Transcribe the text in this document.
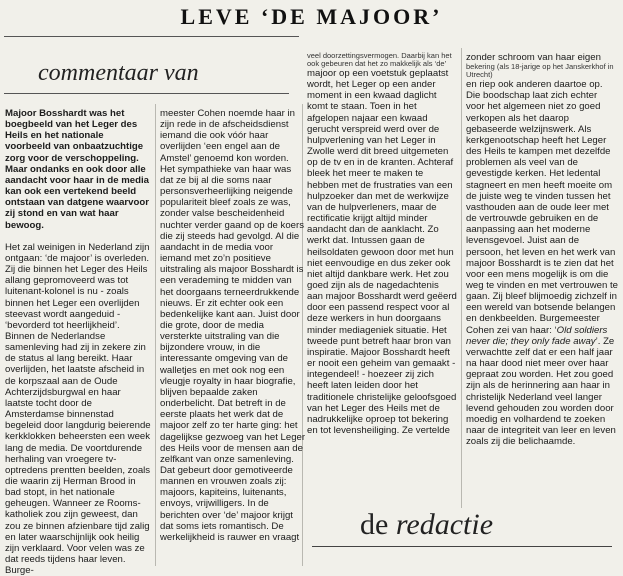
LEVE ‘DE MAJOOR’
commentaar van

Majoor Bosshardt was het boegbeeld van het Leger des Heils en het nationale voorbeeld van onbaatzuchtige zorg voor de verschoppeling. Maar ondanks en ook door alle aandacht voor haar in de media kan ook een vertekend beeld ontstaan van datgene waarvoor zij stond en van wat haar bewoog.

Het zal weinigen in Nederland zijn ontgaan: ‘de majoor’ is overleden. Zij die binnen het Leger des Heils allang gepromoveerd was tot luitenant-kolonel is nu - zoals binnen het Leger een overlijden steevast wordt aangeduid - ‘bevorderd tot heerlijkheid’. Binnen de Nederlandse samenleving had zij in zekere zin de status al lang bereikt. Haar overlijden, het laatste afscheid in de korpszaal aan de Oude Achterzijdsburgwal en haar laatste tocht door de Amsterdamse binnenstad begeleid door langdurig beierende kerkklokken beheersten een week lang de media. De voortdurende herhaling van vroegere tv-optredens prentten beelden, zoals die waarin zij Herman Brood in bad stopt, in het nationale geheugen. Wanneer ze Rooms-katholiek zou zijn geweest, dan zou ze binnen afzienbare tijd zalig en later waarschijnlijk ook heilig zijn verklaard. Voor velen was ze dat reeds tijdens haar leven. Burge-

meester Cohen noemde haar in zijn rede in de afscheidsdienst iemand die ook vóór haar overlijden ‘een engel aan de Amstel’ genoemd kon worden. Het sympathieke van haar was dat ze bij al die soms naar personsverheerlijking neigende populariteit bleef zoals ze was, zonder valse bescheidenheid nuchter verder gaand op de koers die zij steeds had gevolgd. Al die aandacht in de media voor iemand met zo’n positieve uitstraling als majoor Bosshardt is een verademing te midden van het doorgaans terneerdrukkende nieuws. Er zit echter ook een bedenkelijke kant aan. Juist door die grote, door de media versterkte uitstraling van die bijzondere vrouw, in die interessante omgeving van de walletjes en met ook nog een vleugje royalty in haar biografie, blijven bepaalde zaken onderbelicht. Dat betreft in de eerste plaats het werk dat de majoor zelf zo ter harte ging: het dagelijkse gezwoeg van het Leger des Heils voor de mensen aan de zelfkant van onze samenleving. Dat gebeurt door gemotiveerde mannen en vrouwen zoals zij: majoors, kapiteins, luitenants, envoys, vrijwilligers. In de berichten over ‘de’ majoor krijgt dat soms iets romantisch. De werkelijkheid is rauwer en vraagt

veel doorzettingsvermogen. Daarbij kan het ook gebeuren dat het zo makkelijk als ‘de’

majoor op een voetstuk geplaatst wordt, het Leger op een ander moment in een kwaad daglicht komt te staan. Toen in het afgelopen najaar een kwaad gerucht verspreid werd over de hulpverlening van het Leger in Zwolle werd dit breed uitgemeten op de tv en in de kranten. Achteraf bleek het meer te maken te hebben met de frustraties van een hulpzoeker dan met de werkwijze van de hulpverleners, maar de rectificatie krijgt altijd minder aandacht dan de aanklacht. Zo werkt dat. Intussen gaan de heilsoldaten gewoon door met hun niet eenvoudige en dus zeker ook niet altijd dankbare werk. Het zou goed zijn als de nagedachtenis aan majoor Bosshardt werd geëerd door een passend respect voor al deze werkers in hun doorgaans minder mediageniek situatie. Het tweede punt betreft haar bron van inspiratie. Majoor Bosshardt heeft er nooit een geheim van gemaakt - integendeel! - hoezeer zij zich heeft laten leiden door het traditionele christelijke geloofsgoed van het Leger des Heils met de nadrukkelijke oproep tot bekering en tot levensheiliging. Ze vertelde

zonder schroom van haar eigen

bekering (als 18-jarige op het Janskerkhof in Utrecht)

en riep ook anderen daartoe op. Die boodschap laat zich echter voor het algemeen niet zo goed verkopen als het daarop gebaseerde welzijnswerk. Als kerkgenootschap heeft het Leger des Heils te kampen met dezelfde problemen als veel van de gevestigde kerken. Het ledental stagneert en men heeft moeite om de juiste weg te vinden tussen het vasthouden aan de oude leer met de vertrouwde gebruiken en de aanpassing aan het moderne levensgevoel. Juist aan de persoon, het leven en het werk van majoor Bosshardt is te zien dat het voor een mens mogelijk is om die weg te vinden en met vertrouwen te gaan. Zij bleef blijmoedig zichzelf in een wereld van botsende belangen en denkbeelden. Burgemeester Cohen zei van haar: ‘Old soldiers never die; they only fade away’. Ze verwachtte zelf dat er een half jaar na haar dood niet meer over haar gepraat zou worden. Het zou goed zijn als de herinnering aan haar in christelijk Nederland veel langer levend gehouden zou worden door moedig en volhardend te zoeken naar de integriteit van leer en leven zoals zij die belichaamde.

de redactie
